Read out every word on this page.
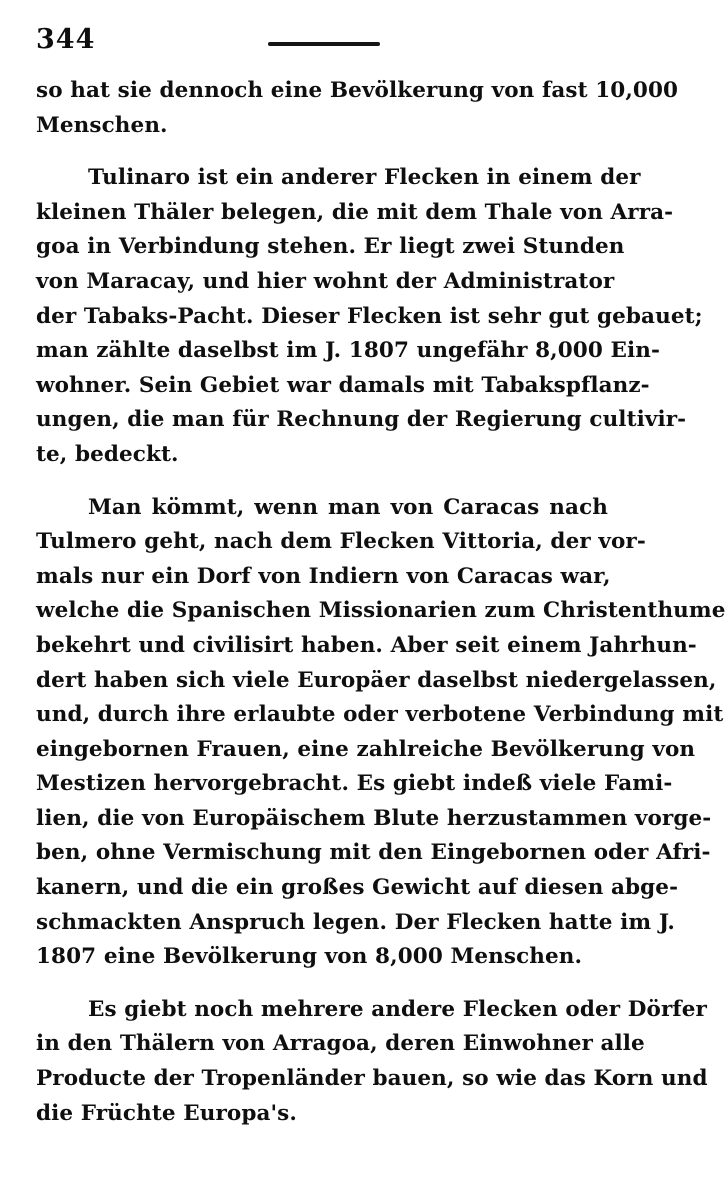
344
so hat sie dennoch eine Bevölkerung von fast 10,000
Menschen.
Tulinaro ist ein anderer Flecken in einem der
kleinen Thäler belegen, die mit dem Thale von Arra-
goa in Verbindung stehen. Er liegt zwei Stunden
von Maracay, und hier wohnt der Administrator
der Tabaks-Pacht. Dieser Flecken ist sehr gut gebauet;
man zählte daselbst im J. 1807 ungefähr 8,000 Ein-
wohner. Sein Gebiet war damals mit Tabakspflanz-
ungen, die man für Rechnung der Regierung cultivir-
te, bedeckt.
Man kömmt, wenn man von Caracas nach
Tulmero geht, nach dem Flecken Vittoria, der vor-
mals nur ein Dorf von Indiern von Caracas war,
welche die Spanischen Missionarien zum Christenthume
bekehrt und civilisirt haben. Aber seit einem Jahrhun-
dert haben sich viele Europäer daselbst niedergelassen,
und, durch ihre erlaubte oder verbotene Verbindung mit
eingebornen Frauen, eine zahlreiche Bevölkerung von
Mestizen hervorgebracht. Es giebt indeß viele Fami-
lien, die von Europäischem Blute herzustammen vorge-
ben, ohne Vermischung mit den Eingebornen oder Afri-
kanern, und die ein großes Gewicht auf diesen abge-
schmackten Anspruch legen. Der Flecken hatte im J.
1807 eine Bevölkerung von 8,000 Menschen.
Es giebt noch mehrere andere Flecken oder Dörfer
in den Thälern von Arragoa, deren Einwohner alle
Producte der Tropenländer bauen, so wie das Korn und
die Früchte Europa's.
